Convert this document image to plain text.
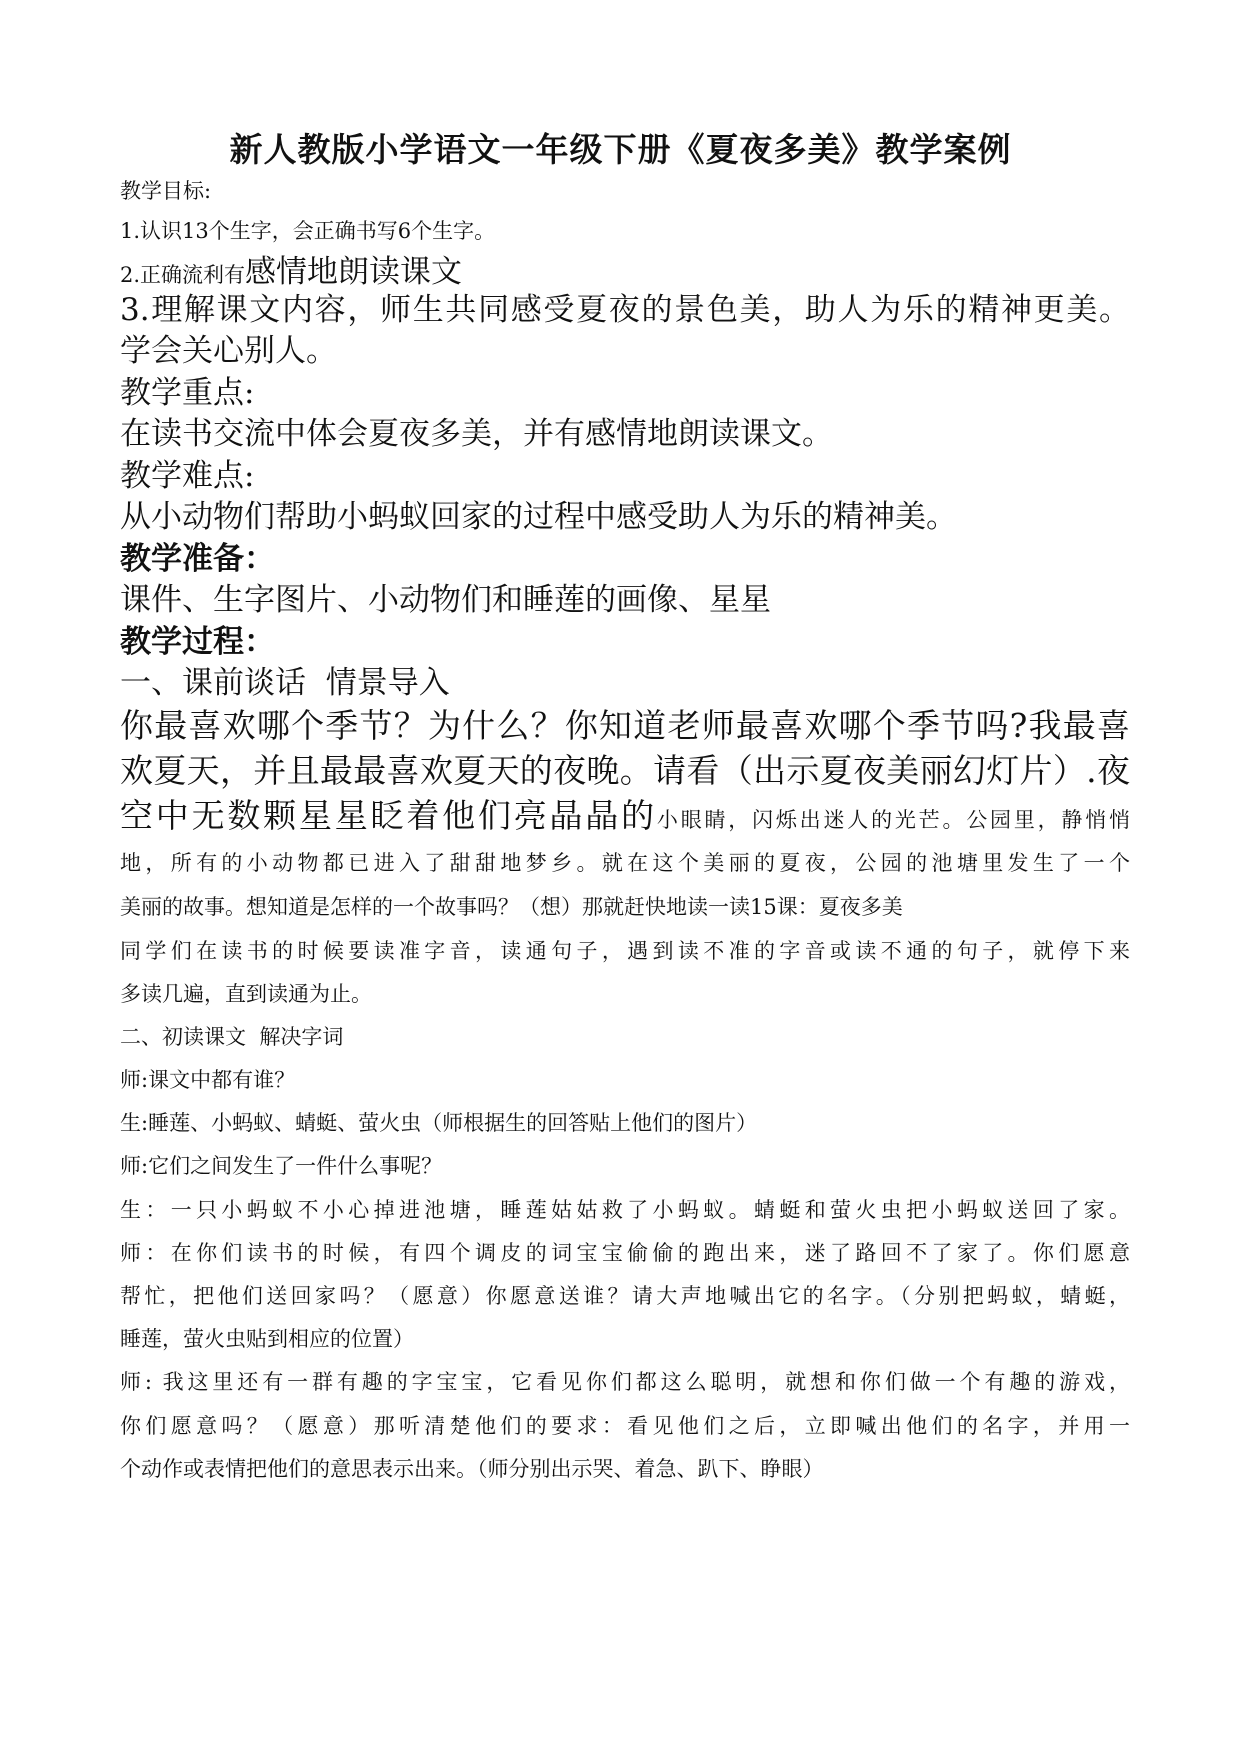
新人教版小学语文一年级下册《夏夜多美》教学案例
教学目标:
1.认识13个生字，会正确书写6个生字。
2.正确流利有感情地朗读课文
3.理解课文内容，师生共同感受夏夜的景色美，助人为乐的精神更美。
学会关心别人。
教学重点:
在读书交流中体会夏夜多美，并有感情地朗读课文。
教学难点:
从小动物们帮助小蚂蚁回家的过程中感受助人为乐的精神美。
教学准备：
课件、生字图片、小动物们和睡莲的画像、星星
教学过程：
一、课前谈话  情景导入
你最喜欢哪个季节？为什么？你知道老师最喜欢哪个季节吗?我最喜
欢夏天，并且最最喜欢夏天的夜晚。请看（出示夏夜美丽幻灯片）.夜
空中无数颗星星眨着他们亮晶晶的小眼睛，闪烁出迷人的光芒。公园里，静悄悄
地，所有的小动物都已进入了甜甜地梦乡。就在这个美丽的夏夜，公园的池塘里发生了一个
美丽的故事。想知道是怎样的一个故事吗？（想）那就赶快地读一读15课：夏夜多美
同学们在读书的时候要读准字音，读通句子，遇到读不准的字音或读不通的句子，就停下来
多读几遍，直到读通为止。
二、初读课文  解决字词
师:课文中都有谁？
生:睡莲、小蚂蚁、蜻蜓、萤火虫（师根据生的回答贴上他们的图片）
师:它们之间发生了一件什么事呢？
生：一只小蚂蚁不小心掉进池塘，睡莲姑姑救了小蚂蚁。蜻蜓和萤火虫把小蚂蚁送回了家。
师：在你们读书的时候，有四个调皮的词宝宝偷偷的跑出来，迷了路回不了家了。你们愿意
帮忙，把他们送回家吗？（愿意）你愿意送谁？请大声地喊出它的名字。（分别把蚂蚁，蜻蜓，
睡莲，萤火虫贴到相应的位置）
师: 我这里还有一群有趣的字宝宝，它看见你们都这么聪明，就想和你们做一个有趣的游戏，
你们愿意吗？（愿意）那听清楚他们的要求：看见他们之后，立即喊出他们的名字，并用一
个动作或表情把他们的意思表示出来。（师分别出示哭、着急、趴下、睁眼）
